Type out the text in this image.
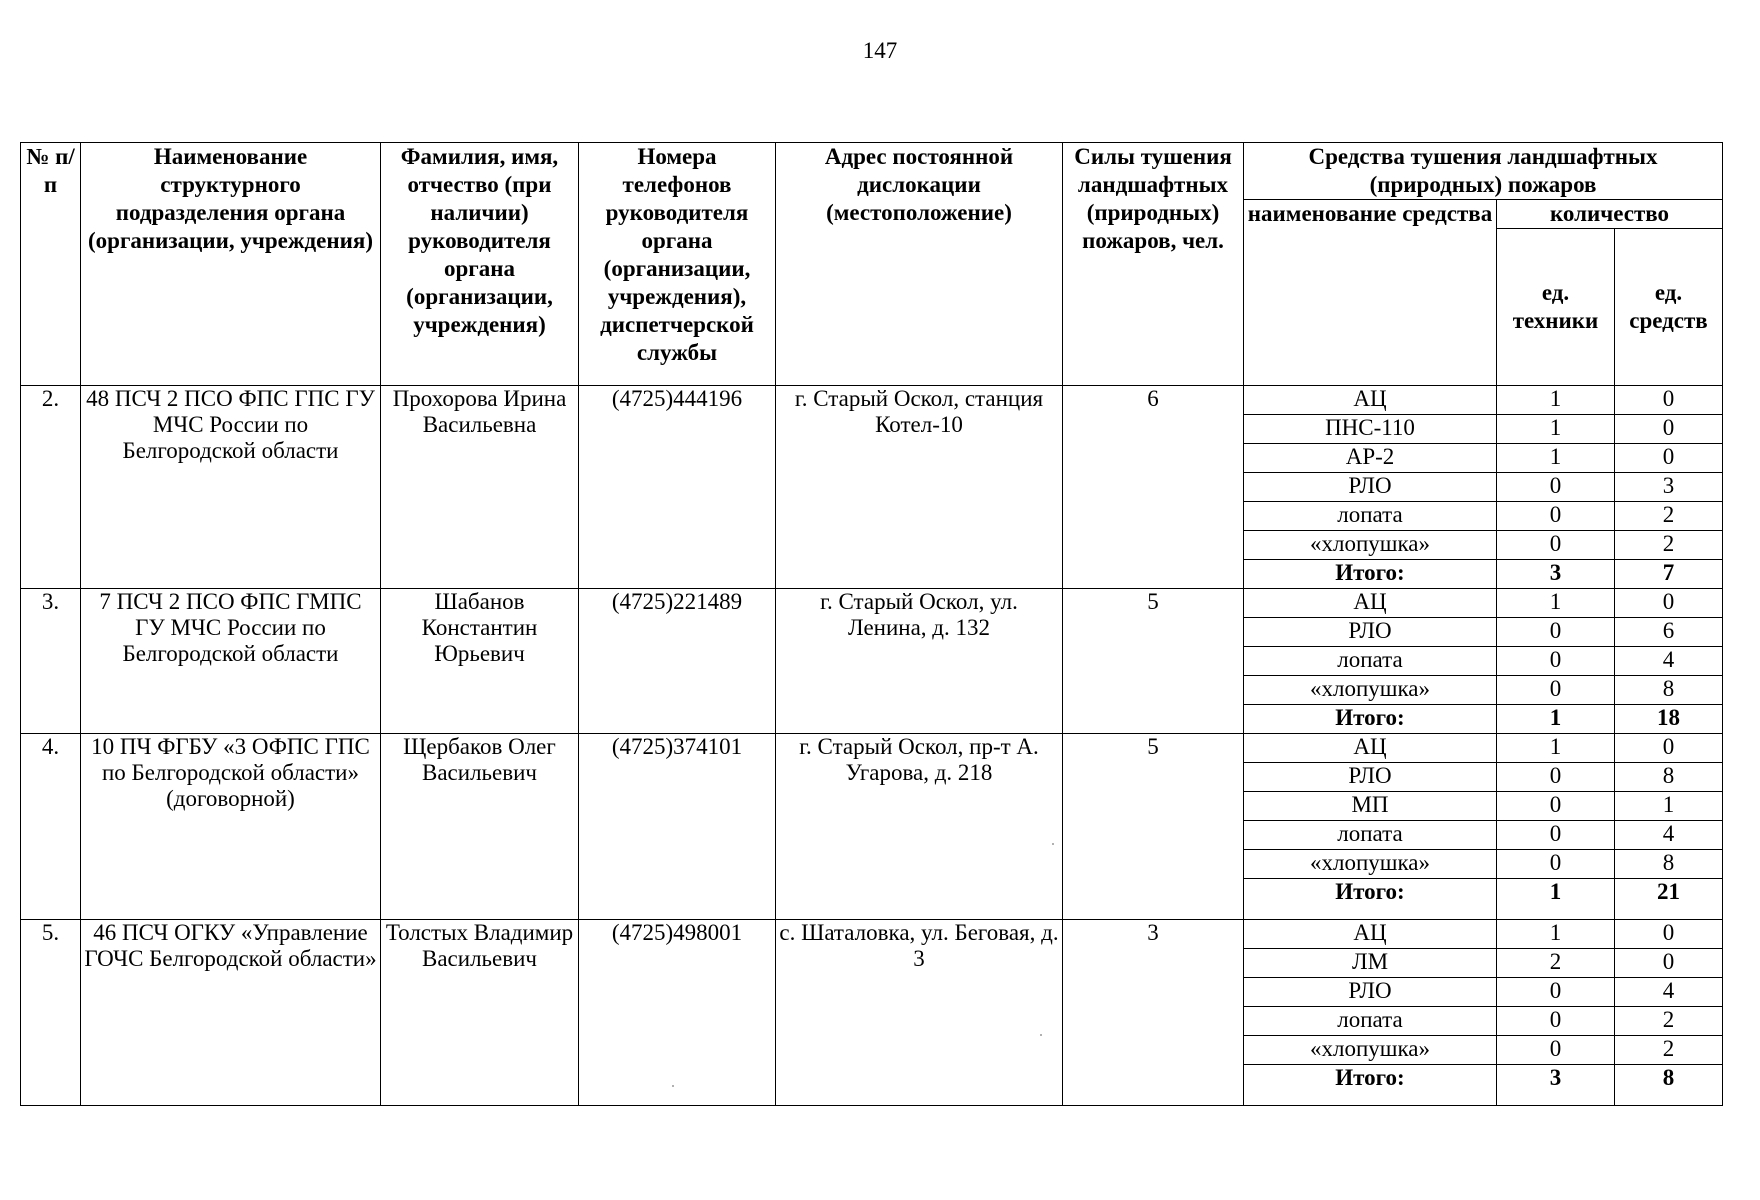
147
№ п/п	Наименование структурного подразделения органа (организации, учреждения)	Фамилия, имя, отчество (при наличии) руководителя органа (организации, учреждения)	Номера телефонов руководителя органа (организации, учреждения), диспетчерской службы	Адрес постоянной дислокации (местоположение)	Силы тушения ландшафтных (природных) пожаров, чел.	Средства тушения ландшафтных (природных) пожаров		
						наименование средства	количество	
							ед. техники	ед. средств
2.	48 ПСЧ 2 ПСО ФПС ГПС ГУ МЧС России по Белгородской области	Прохорова Ирина Васильевна	(4725)444196	г. Старый Оскол, станция Котел-10	6	АЦ	1	0
						ПНС-110	1	0
						АР-2	1	0
						РЛО	0	3
						лопата	0	2
						«хлопушка»	0	2
						Итого:	3	7
3.	7 ПСЧ 2 ПСО ФПС ГМПС ГУ МЧС России по Белгородской области	Шабанов Константин Юрьевич	(4725)221489	г. Старый Оскол, ул. Ленина, д. 132	5	АЦ	1	0
						РЛО	0	6
						лопата	0	4
						«хлопушка»	0	8
						Итого:	1	18
4.	10 ПЧ ФГБУ «3 ОФПС ГПС по Белгородской области» (договорной)	Щербаков Олег Васильевич	(4725)374101	г. Старый Оскол, пр-т А. Угарова, д. 218	5	АЦ	1	0
						РЛО	0	8
						МП	0	1
						лопата	0	4
						«хлопушка»	0	8
						Итого:	1	21
5.	46 ПСЧ ОГКУ «Управление ГОЧС Белгородской области»	Толстых Владимир Васильевич	(4725)498001	с. Шаталовка, ул. Беговая, д. 3	3	АЦ	1	0
						ЛМ	2	0
						РЛО	0	4
						лопата	0	2
						«хлопушка»	0	2
						Итого:	3	8
